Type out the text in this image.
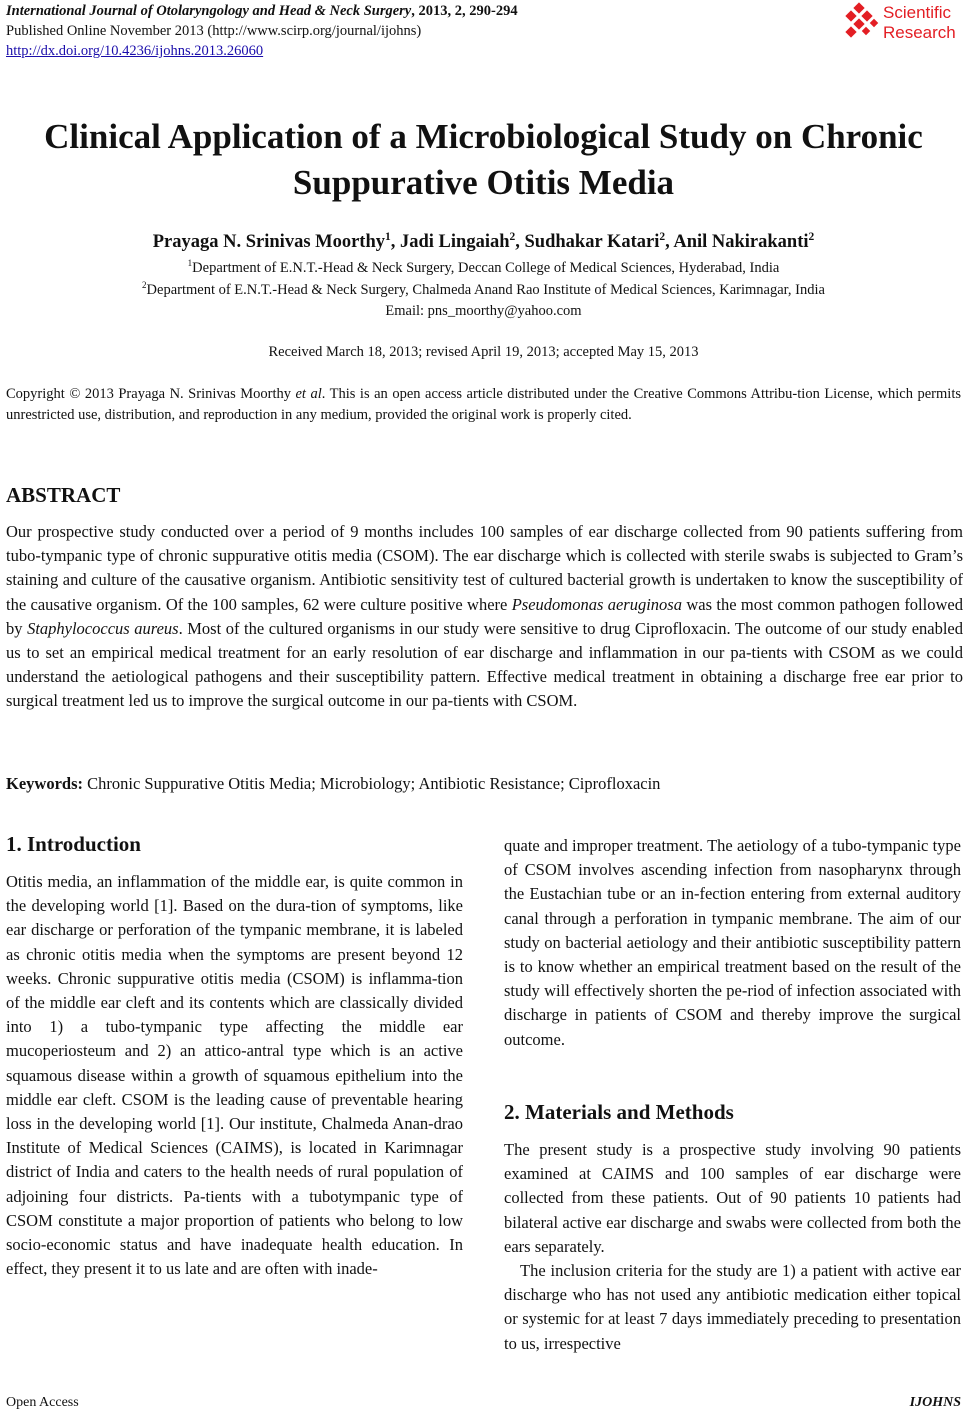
International Journal of Otolaryngology and Head & Neck Surgery, 2013, 2, 290-294
Published Online November 2013 (http://www.scirp.org/journal/ijohns)
http://dx.doi.org/10.4236/ijohns.2013.26060
Scientific
Research
Clinical Application of a Microbiological Study on Chronic
Suppurative Otitis Media
Prayaga N. Srinivas Moorthy$^1$, Jadi Lingaiah$^2$, Sudhakar Katari$^2$, Anil Nakirakanti$^2$
$^1$Department of E.N.T.-Head & Neck Surgery, Deccan College of Medical Sciences, Hyderabad, India
$^2$Department of E.N.T.-Head & Neck Surgery, Chalmeda Anand Rao Institute of Medical Sciences, Karimnagar, India
Email: pns_moorthy@yahoo.com
Received March 18, 2013; revised April 19, 2013; accepted May 15, 2013
Copyright © 2013 Prayaga N. Srinivas Moorthy et al. This is an open access article distributed under the Creative Commons Attribu-tion License, which permits unrestricted use, distribution, and reproduction in any medium, provided the original work is properly cited.
ABSTRACT
Our prospective study conducted over a period of 9 months includes 100 samples of ear discharge collected from 90 patients suffering from tubo-tympanic type of chronic suppurative otitis media (CSOM). The ear discharge which is collected with sterile swabs is subjected to Gram’s staining and culture of the causative organism. Antibiotic sensitivity test of cultured bacterial growth is undertaken to know the susceptibility of the causative organism. Of the 100 samples, 62 were culture positive where Pseudomonas aeruginosa was the most common pathogen followed by Staphylococcus aureus. Most of the cultured organisms in our study were sensitive to drug Ciprofloxacin. The outcome of our study enabled us to set an empirical medical treatment for an early resolution of ear discharge and inflammation in our pa-tients with CSOM as we could understand the aetiological pathogens and their susceptibility pattern. Effective medical treatment in obtaining a discharge free ear prior to surgical treatment led us to improve the surgical outcome in our pa-tients with CSOM.
Keywords: Chronic Suppurative Otitis Media; Microbiology; Antibiotic Resistance; Ciprofloxacin
1. Introduction
Otitis media, an inflammation of the middle ear, is quite common in the developing world [1]. Based on the dura-tion of symptoms, like ear discharge or perforation of the tympanic membrane, it is labeled as chronic otitis media when the symptoms are present beyond 12 weeks. Chronic suppurative otitis media (CSOM) is inflamma-tion of the middle ear cleft and its contents which are classically divided into 1) a tubo-tympanic type affecting the middle ear mucoperiosteum and 2) an attico-antral type which is an active squamous disease within a growth of squamous epithelium into the middle ear cleft. CSOM is the leading cause of preventable hearing loss in the developing world [1]. Our institute, Chalmeda Anan-drao Institute of Medical Sciences (CAIMS), is located in Karimnagar district of India and caters to the health needs of rural population of adjoining four districts. Pa-tients with a tubotympanic type of CSOM constitute a major proportion of patients who belong to low socio-economic status and have inadequate health education. In effect, they present it to us late and are often with inade-
quate and improper treatment. The aetiology of a tubo-tympanic type of CSOM involves ascending infection from nasopharynx through the Eustachian tube or an in-fection entering from external auditory canal through a perforation in tympanic membrane. The aim of our study on bacterial aetiology and their antibiotic susceptibility pattern is to know whether an empirical treatment based on the result of the study will effectively shorten the pe-riod of infection associated with discharge in patients of CSOM and thereby improve the surgical outcome.
2. Materials and Methods
The present study is a prospective study involving 90 patients examined at CAIMS and 100 samples of ear discharge were collected from these patients. Out of 90 patients 10 patients had bilateral active ear discharge and swabs were collected from both the ears separately.
The inclusion criteria for the study are 1) a patient with active ear discharge who has not used any antibiotic medication either topical or systemic for at least 7 days immediately preceding to presentation to us, irrespective
Open Access	IJOHNS
